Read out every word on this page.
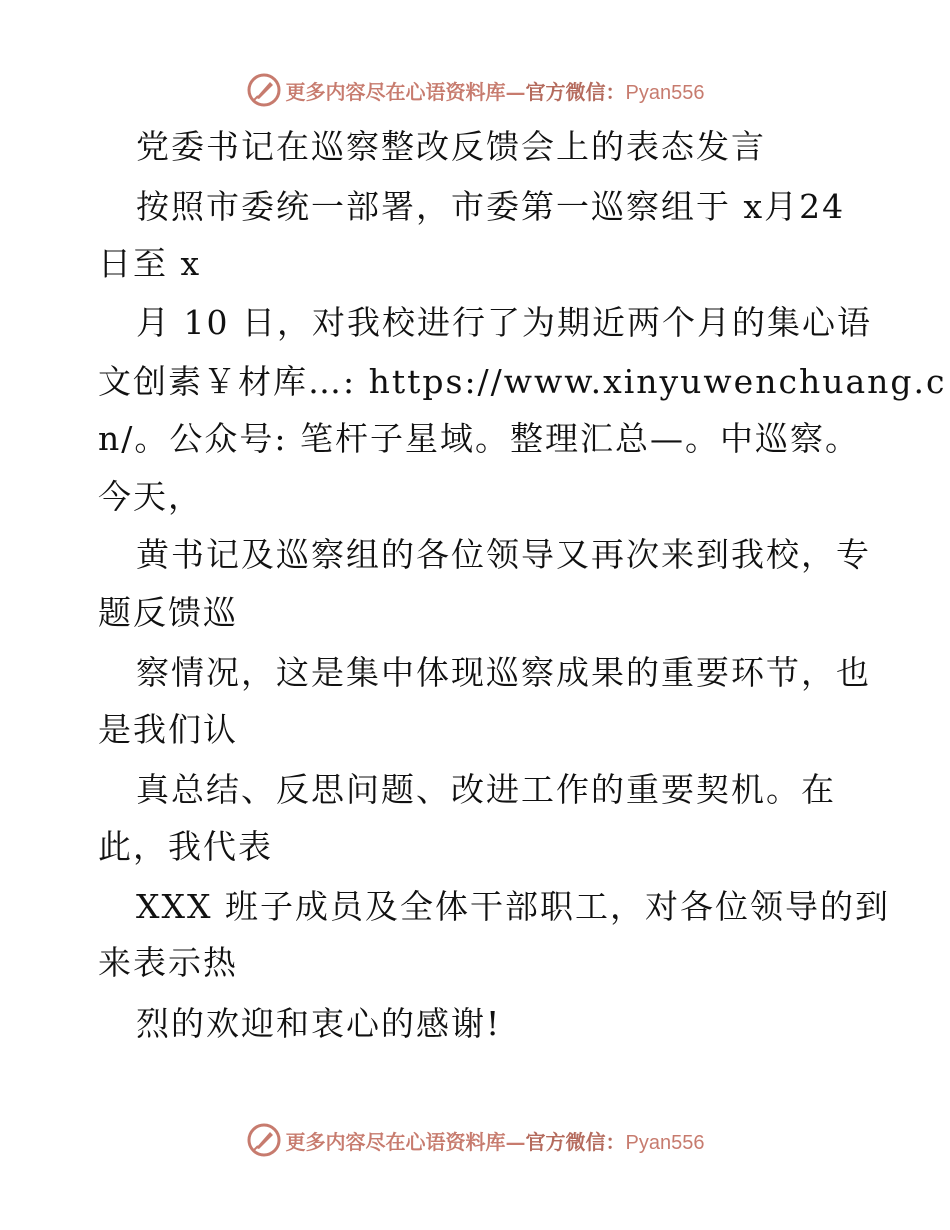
更多内容尽在心语资料库—官方微信：Pyan556
党委书记在巡察整改反馈会上的表态发言
按照市委统一部署，市委第一巡察组于 x月24
日至 x
月 10 日，对我校进行了为期近两个月的集心语
文创素￥材库…: https://www.xinyuwenchuang.c
n/。公众号: 笔杆子星域。整理汇总—。中巡察。
今天，
黄书记及巡察组的各位领导又再次来到我校，专
题反馈巡
察情况，这是集中体现巡察成果的重要环节，也
是我们认
真总结、反思问题、改进工作的重要契机。在
此，我代表
XXX 班子成员及全体干部职工，对各位领导的到
来表示热
烈的欢迎和衷心的感谢!
更多内容尽在心语资料库—官方微信：Pyan556
